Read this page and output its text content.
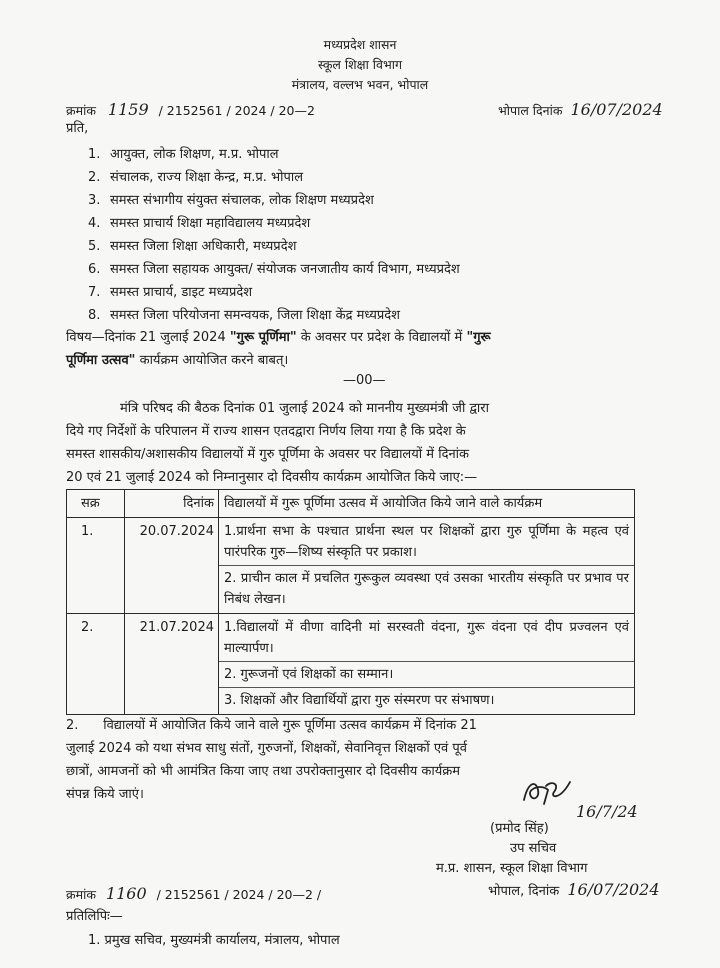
मध्यप्रदेश शासन
स्कूल शिक्षा विभाग
मंत्रालय, वल्लभ भवन, भोपाल
क्रमांक 1159 / 2152561 / 2024 / 20—2	भोपाल दिनांक 16/07/2024
प्रति,
1. आयुक्त, लोक शिक्षण, म.प्र. भोपाल
2. संचालक, राज्य शिक्षा केन्द्र, म.प्र. भोपाल
3. समस्त संभागीय संयुक्त संचालक, लोक शिक्षण मध्यप्रदेश
4. समस्त प्राचार्य शिक्षा महाविद्यालय मध्यप्रदेश
5. समस्त जिला शिक्षा अधिकारी, मध्यप्रदेश
6. समस्त जिला सहायक आयुक्त/ संयोजक जनजातीय कार्य विभाग, मध्यप्रदेश
7. समस्त प्राचार्य, डाइट मध्यप्रदेश
8. समस्त जिला परियोजना समन्वयक, जिला शिक्षा केंद्र मध्यप्रदेश
विषय—दिनांक 21 जुलाई 2024 "गुरू पूर्णिमा" के अवसर पर प्रदेश के विद्यालयों में "गुरू
पूर्णिमा उत्सव" कार्यक्रम आयोजित करने बाबत्।
—00—
मंत्रि परिषद की बैठक दिनांक 01 जुलाई 2024 को माननीय मुख्यमंत्री जी द्वारा
दिये गए निर्देशों के परिपालन में राज्य शासन एतदद्वारा निर्णय लिया गया है कि प्रदेश के
समस्त शासकीय/अशासकीय विद्यालयों में गुरु पूर्णिमा के अवसर पर विद्यालयों में दिनांक
20 एवं 21 जुलाई 2024 को निम्नानुसार दो दिवसीय कार्यक्रम आयोजित किये जाए:—
सक्र	दिनांक	विद्यालयों में गुरू पूर्णिमा उत्सव में आयोजित किये जाने वाले कार्यक्रम
1.	20.07.2024	1.प्रार्थना सभा के पश्चात प्रार्थना स्थल पर शिक्षकों द्वारा गुरु पूर्णिमा के महत्व एवं पारंपरिक गुरु—शिष्य संस्कृति पर प्रकाश।
2. प्राचीन काल में प्रचलित गुरूकुल व्यवस्था एवं उसका भारतीय संस्कृति पर प्रभाव पर निबंध लेखन।

2.	21.07.2024	1.विद्यालयों में वीणा वादिनी मां सरस्वती वंदना, गुरू वंदना एवं दीप प्रज्वलन एवं माल्यार्पण।
2. गुरूजनों एवं शिक्षकों का सम्मान।
3. शिक्षकों और विद्यार्थियों द्वारा गुरु संस्मरण पर संभाषण।
2.      विद्यालयों में आयोजित किये जाने वाले गुरू पूर्णिमा उत्सव कार्यक्रम में दिनांक 21
जुलाई 2024 को यथा संभव साधु संतों, गुरुजनों, शिक्षकों, सेवानिवृत्त शिक्षकों एवं पूर्व
छात्रों, आमजनों को भी आमंत्रित किया जाए तथा उपरोक्तानुसार दो दिवसीय कार्यक्रम
संपन्न किये जाएं।
16/7/24
(प्रमोद सिंह)
उप सचिव
म.प्र. शासन, स्कूल शिक्षा विभाग
भोपाल, दिनांक 16/07/2024
क्रमांक 1160 / 2152561 / 2024 / 20—2 /
प्रतिलिपिः—
1. प्रमुख सचिव, मुख्यमंत्री कार्यालय, मंत्रालय, भोपाल
